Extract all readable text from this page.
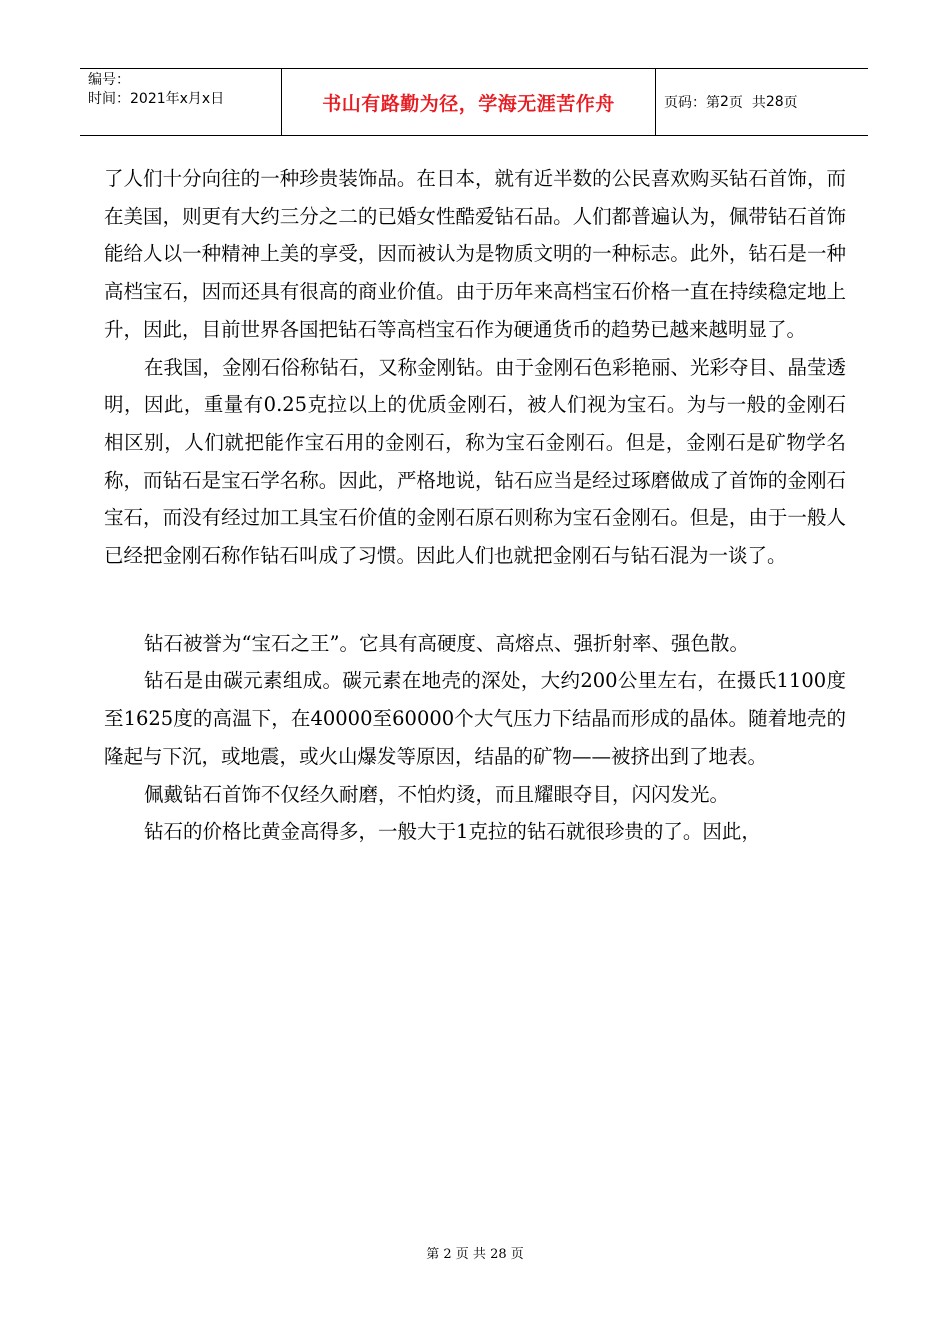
编号：
时间：2021年x月x日	书山有路勤为径，学海无涯苦作舟	页码：第 2 页  共 28 页

了人们十分向往的一种珍贵装饰品。在日本，就有近半数的公民喜欢购买钻石首饰，而在美国，则更有大约三分之二的已婚女性酷爱钻石品。人们都普遍认为，佩带钻石首饰能给人以一种精神上美的享受，因而被认为是物质文明的一种标志。此外，钻石是一种高档宝石，因而还具有很高的商业价值。由于历年来高档宝石价格一直在持续稳定地上升，因此，目前世界各国把钻石等高档宝石作为硬通货币的趋势已越来越明显了。

在我国，金刚石俗称钻石，又称金刚钻。由于金刚石色彩艳丽、光彩夺目、晶莹透明，因此，重量有0.25克拉以上的优质金刚石，被人们视为宝石。为与一般的金刚石相区别，人们就把能作宝石用的金刚石，称为宝石金刚石。但是，金刚石是矿物学名称，而钻石是宝石学名称。因此，严格地说，钻石应当是经过琢磨做成了首饰的金刚石宝石，而没有经过加工具宝石价值的金刚石原石则称为宝石金刚石。但是，由于一般人已经把金刚石称作钻石叫成了习惯。因此人们也就把金刚石与钻石混为一谈了。

钻石被誉为“宝石之王”。它具有高硬度、高熔点、强折射率、强色散。

钻石是由碳元素组成。碳元素在地壳的深处，大约200公里左右，在摄氏1100度至1625度的高温下，在40000至60000个大气压力下结晶而形成的晶体。随着地壳的隆起与下沉，或地震，或火山爆发等原因，结晶的矿物——被挤出到了地表。

佩戴钻石首饰不仅经久耐磨，不怕灼烫，而且耀眼夺目，闪闪发光。

钻石的价格比黄金高得多，一般大于1克拉的钻石就很珍贵的了。因此，

第 2 页 共 28 页
